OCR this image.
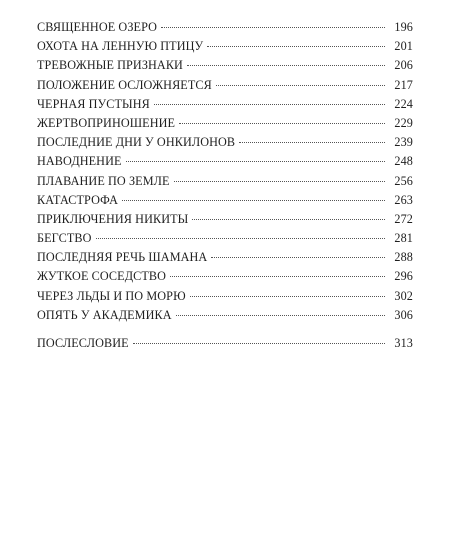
СВЯЩЕННОЕ ОЗЕРО	196
ОХОТА НА ЛЕННУЮ ПТИЦУ	201
ТРЕВОЖНЫЕ ПРИЗНАКИ	206
ПОЛОЖЕНИЕ ОСЛОЖНЯЕТСЯ	217
ЧЕРНАЯ ПУСТЫНЯ	224
ЖЕРТВОПРИНОШЕНИЕ	229
ПОСЛЕДНИЕ ДНИ У ОНКИЛОНОВ	239
НАВОДНЕНИЕ	248
ПЛАВАНИЕ ПО ЗЕМЛЕ	256
КАТАСТРОФА	263
ПРИКЛЮЧЕНИЯ НИКИТЫ	272
БЕГСТВО	281
ПОСЛЕДНЯЯ РЕЧЬ ШАМАНА	288
ЖУТКОЕ СОСЕДСТВО	296
ЧЕРЕЗ ЛЬДЫ И ПО МОРЮ	302
ОПЯТЬ У АКАДЕМИКА	306
ПОСЛЕСЛОВИЕ	313
